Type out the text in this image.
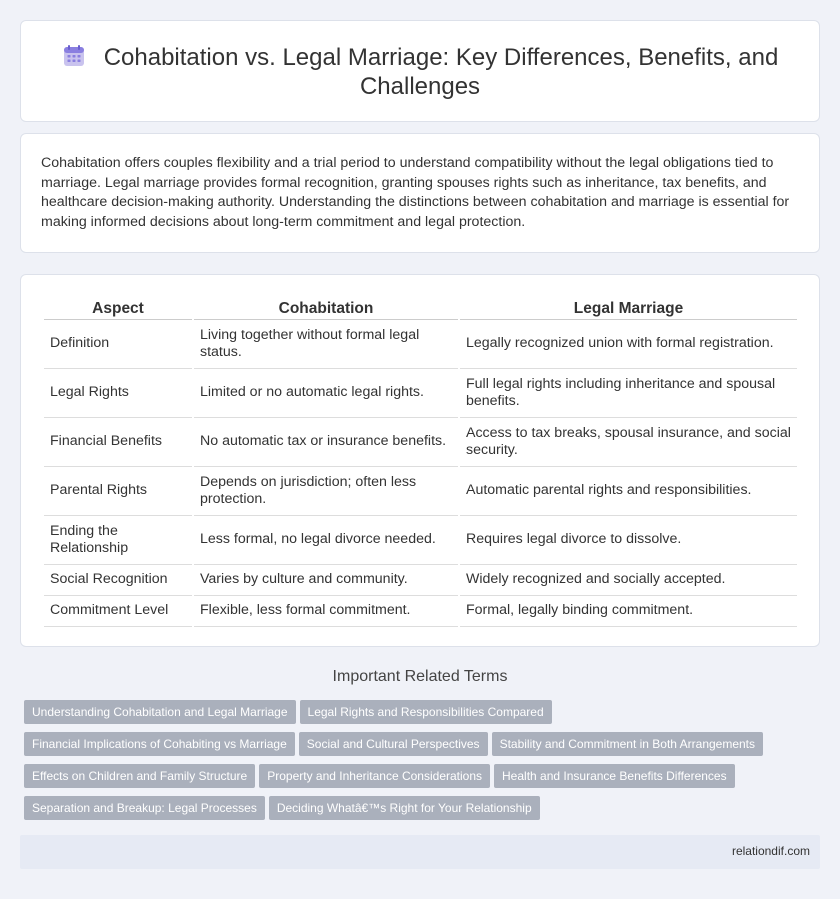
Cohabitation vs. Legal Marriage: Key Differences, Benefits, and Challenges

Cohabitation offers couples flexibility and a trial period to understand compatibility without the legal obligations tied to marriage. Legal marriage provides formal recognition, granting spouses rights such as inheritance, tax benefits, and healthcare decision-making authority. Understanding the distinctions between cohabitation and marriage is essential for making informed decisions about long-term commitment and legal protection.

Aspect	Cohabitation	Legal Marriage
Definition	Living together without formal legal status.	Legally recognized union with formal registration.
Legal Rights	Limited or no automatic legal rights.	Full legal rights including inheritance and spousal benefits.
Financial Benefits	No automatic tax or insurance benefits.	Access to tax breaks, spousal insurance, and social security.
Parental Rights	Depends on jurisdiction; often less protection.	Automatic parental rights and responsibilities.
Ending the Relationship	Less formal, no legal divorce needed.	Requires legal divorce to dissolve.
Social Recognition	Varies by culture and community.	Widely recognized and socially accepted.
Commitment Level	Flexible, less formal commitment.	Formal, legally binding commitment.
Important Related Terms
Understanding Cohabitation and Legal Marriage Legal Rights and Responsibilities Compared
Financial Implications of Cohabiting vs Marriage Social and Cultural Perspectives Stability and Commitment in Both Arrangements
Effects on Children and Family Structure Property and Inheritance Considerations Health and Insurance Benefits Differences
Separation and Breakup: Legal Processes Deciding Whatâ€™s Right for Your Relationship
relationdif.com
